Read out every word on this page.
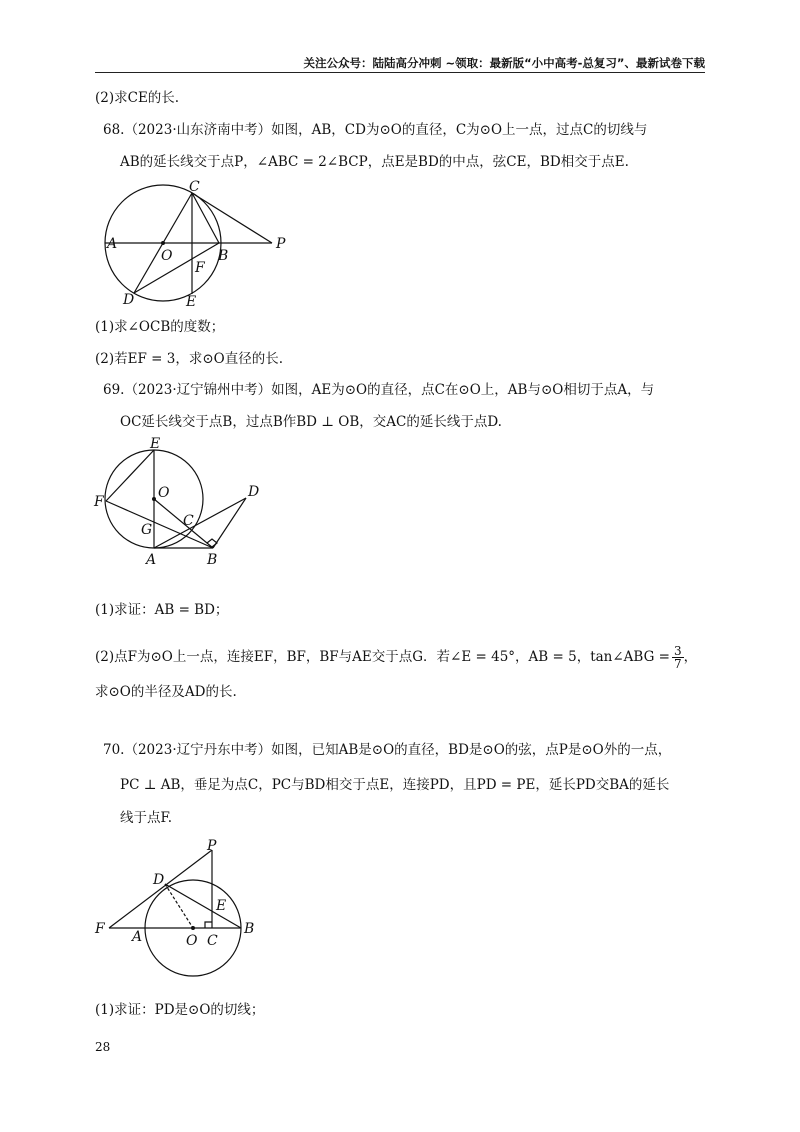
关注公众号：陆陆高分冲刺 ~领取：最新版“小中高考-总复习”、最新试卷下载
(2)求CE的长.
68.（2023·山东济南中考）如图，AB，CD为⊙O的直径，C为⊙O上一点，过点C的切线与
AB的延长线交于点P，∠ABC = 2∠BCP，点E是BD的中点，弦CE，BD相交于点E.
A
O	B
P
C
D	E
F
(1)求∠OCB的度数；
(2)若EF = 3，求⊙O直径的长.
69.（2023·辽宁锦州中考）如图，AE为⊙O的直径，点C在⊙O上，AB与⊙O相切于点A，与
OC延长线交于点B，过点B作BD ⊥ OB，交AC的延长线于点D.
E
F
O
G
C
D
A	B
(1)求证：AB = BD；
(2)点F为⊙O上一点，连接EF，BF，BF与AE交于点G．若∠E = 45°，AB = 5，tan∠ABG = $\frac{3}{7}$ ，
求⊙O的半径及AD的长.
70.（2023·辽宁丹东中考）如图，已知AB是⊙O的直径，BD是⊙O的弦，点P是⊙O外的一点，
PC ⊥ AB，垂足为点C，PC与BD相交于点E，连接PD，且PD = PE，延长PD交BA的延长
线于点F.
P
D
E
F A	O C
B
(1)求证：PD是⊙O的切线；
28
